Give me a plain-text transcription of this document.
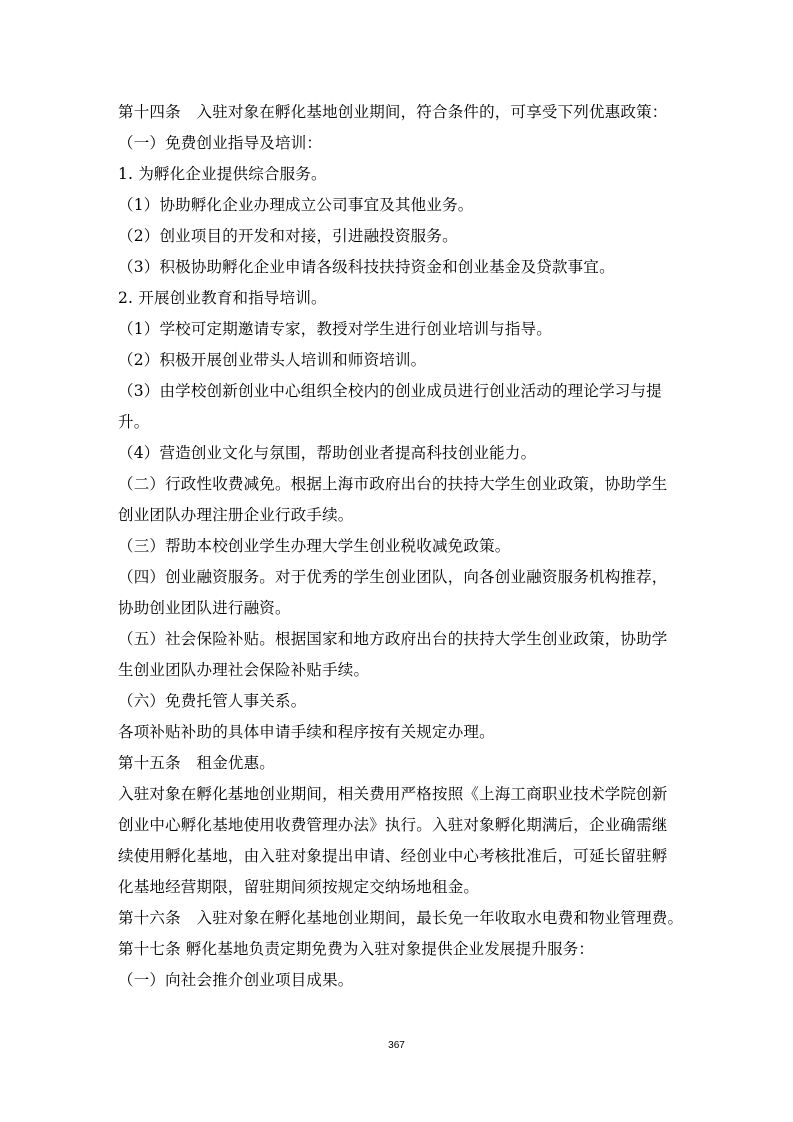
第十四条　入驻对象在孵化基地创业期间，符合条件的，可享受下列优惠政策：
（一）免费创业指导及培训：
1. 为孵化企业提供综合服务。
（1）协助孵化企业办理成立公司事宜及其他业务。
（2）创业项目的开发和对接，引进融投资服务。
（3）积极协助孵化企业申请各级科技扶持资金和创业基金及贷款事宜。
2. 开展创业教育和指导培训。
（1）学校可定期邀请专家，教授对学生进行创业培训与指导。
（2）积极开展创业带头人培训和师资培训。
（3）由学校创新创业中心组织全校内的创业成员进行创业活动的理论学习与提
升。
（4）营造创业文化与氛围，帮助创业者提高科技创业能力。
（二）行政性收费减免。根据上海市政府出台的扶持大学生创业政策，协助学生
创业团队办理注册企业行政手续。
（三）帮助本校创业学生办理大学生创业税收减免政策。
（四）创业融资服务。对于优秀的学生创业团队，向各创业融资服务机构推荐，
协助创业团队进行融资。
（五）社会保险补贴。根据国家和地方政府出台的扶持大学生创业政策，协助学
生创业团队办理社会保险补贴手续。
（六）免费托管人事关系。
各项补贴补助的具体申请手续和程序按有关规定办理。
第十五条　租金优惠。
入驻对象在孵化基地创业期间，相关费用严格按照《上海工商职业技术学院创新
创业中心孵化基地使用收费管理办法》执行。入驻对象孵化期满后，企业确需继
续使用孵化基地，由入驻对象提出申请、经创业中心考核批准后，可延长留驻孵
化基地经营期限，留驻期间须按规定交纳场地租金。
第十六条　入驻对象在孵化基地创业期间，最长免一年收取水电费和物业管理费。
第十七条 孵化基地负责定期免费为入驻对象提供企业发展提升服务：
（一）向社会推介创业项目成果。
367
